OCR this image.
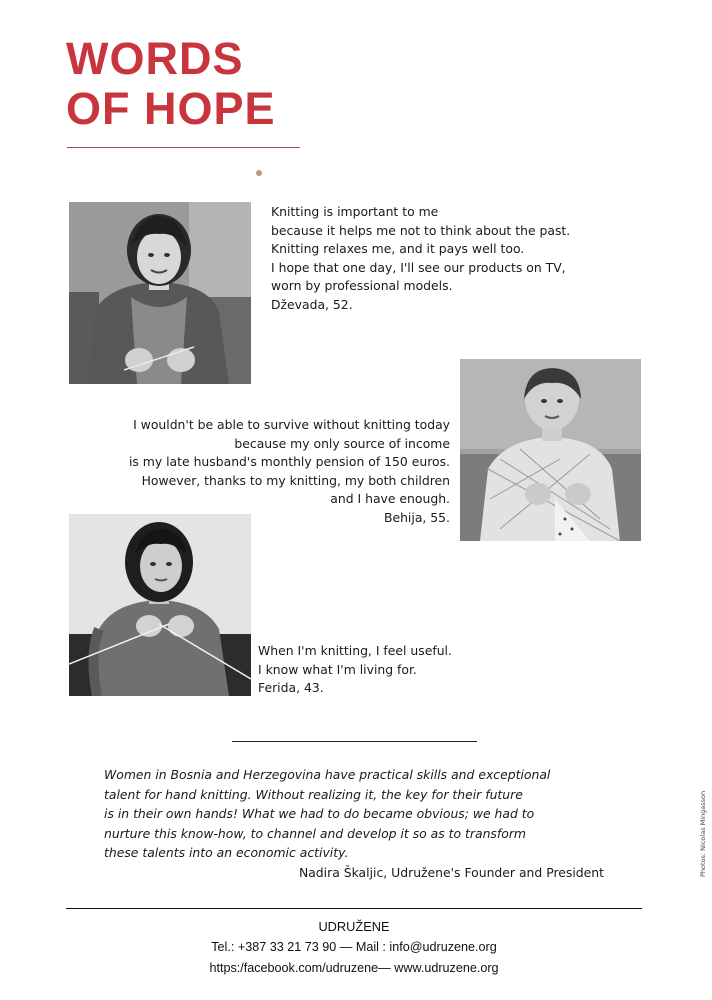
WORDS
OF HOPE

Knitting is important to me
because it helps me not to think about the past.
Knitting relaxes me, and it pays well too.
I hope that one day, I'll see our products on TV,
worn by professional models.
Dževada, 52.

I wouldn't be able to survive without knitting today
because my only source of income
is my late husband's monthly pension of 150 euros.
However, thanks to my knitting, my both children
and I have enough.
Behija, 55.

When I'm knitting, I feel useful.
I know what I'm living for.
Ferida, 43.

Women in Bosnia and Herzegovina have practical skills and exceptional
talent for hand knitting. Without realizing it, the key for their future
is in their own hands! What we had to do became obvious; we had to
nurture this know-how, to channel and develop it so as to transform
these talents into an economic activity.
Nadira Škaljic, Udružene's Founder and President

UDRUŽENE
Tel.: +387 33 21 73 90 — Mail : info@udruzene.org
https:/facebook.com/udruzene— www.udruzene.org

Photos: Nicolas Mingasson
